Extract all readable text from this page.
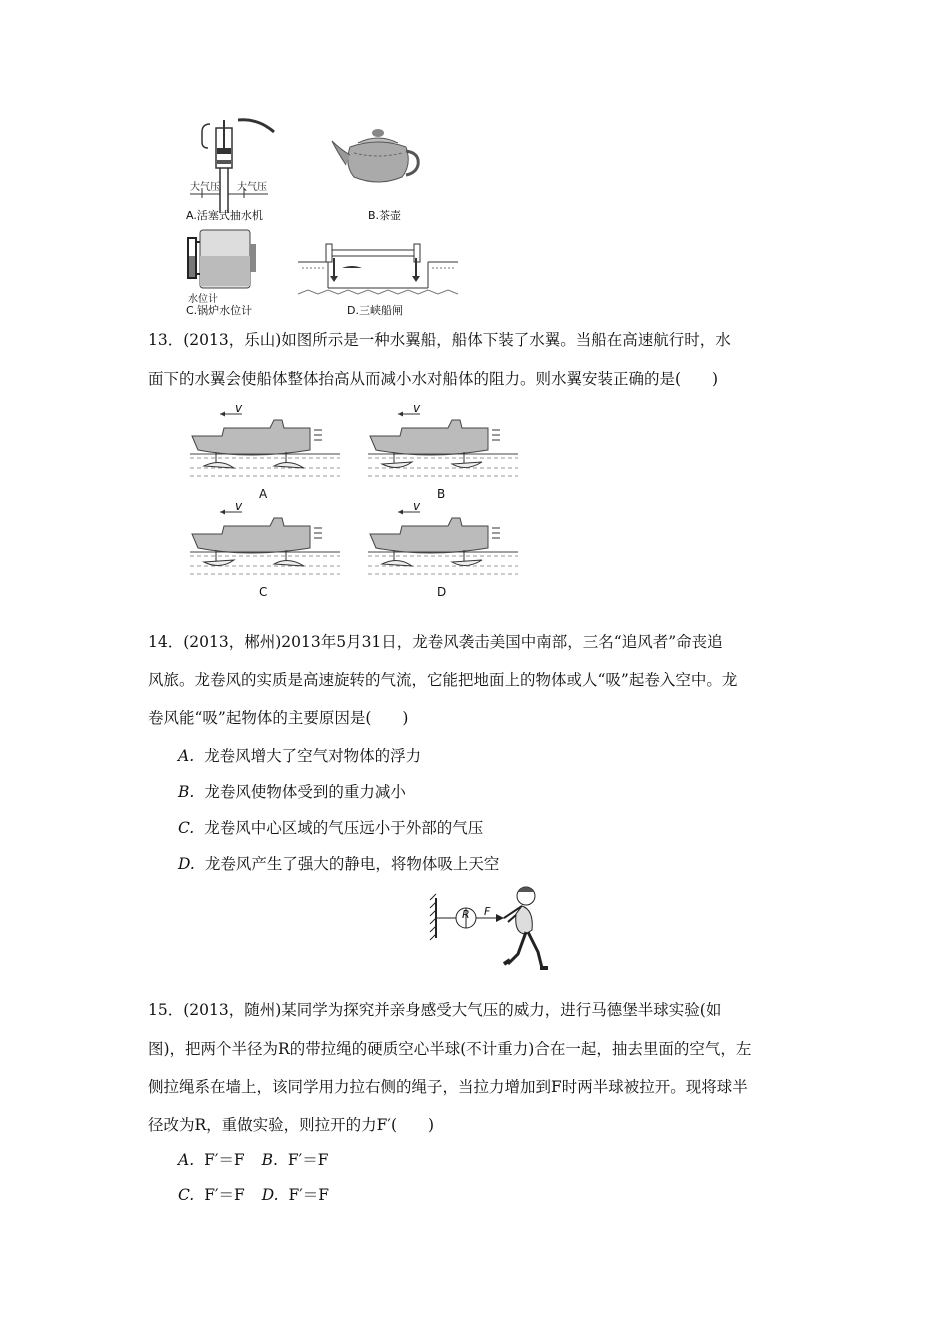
大气压 大气压
A.活塞式抽水机	B.茶壶
水位计
C.锅炉水位计	D.三峡船闸
13．(2013，乐山)如图所示是一种水翼船，船体下装了水翼。当船在高速航行时，水
面下的水翼会使船体整体抬高从而减小水对船体的阻力。则水翼安装正确的是(　　)
v
A
v
B
v
C
v
D
14．(2013，郴州)2013年5月31日，龙卷风袭击美国中南部，三名“追风者”命丧追
风旅。龙卷风的实质是高速旋转的气流，它能把地面上的物体或人“吸”起卷入空中。龙
卷风能“吸”起物体的主要原因是(　　)
A. 龙卷风增大了空气对物体的浮力
B. 龙卷风使物体受到的重力减小
C. 龙卷风中心区域的气压远小于外部的气压
D. 龙卷风产生了强大的静电，将物体吸上天空
R F
15．(2013，随州)某同学为探究并亲身感受大气压的威力，进行马德堡半球实验(如
图)，把两个半径为R的带拉绳的硬质空心半球(不计重力)合在一起，抽去里面的空气，左
侧拉绳系在墙上，该同学用力拉右侧的绳子，当拉力增加到F时两半球被拉开。现将球半
径改为R，重做实验，则拉开的力F′(　　)
A. F′＝F B. F′＝F
C. F′＝F D. F′＝F
